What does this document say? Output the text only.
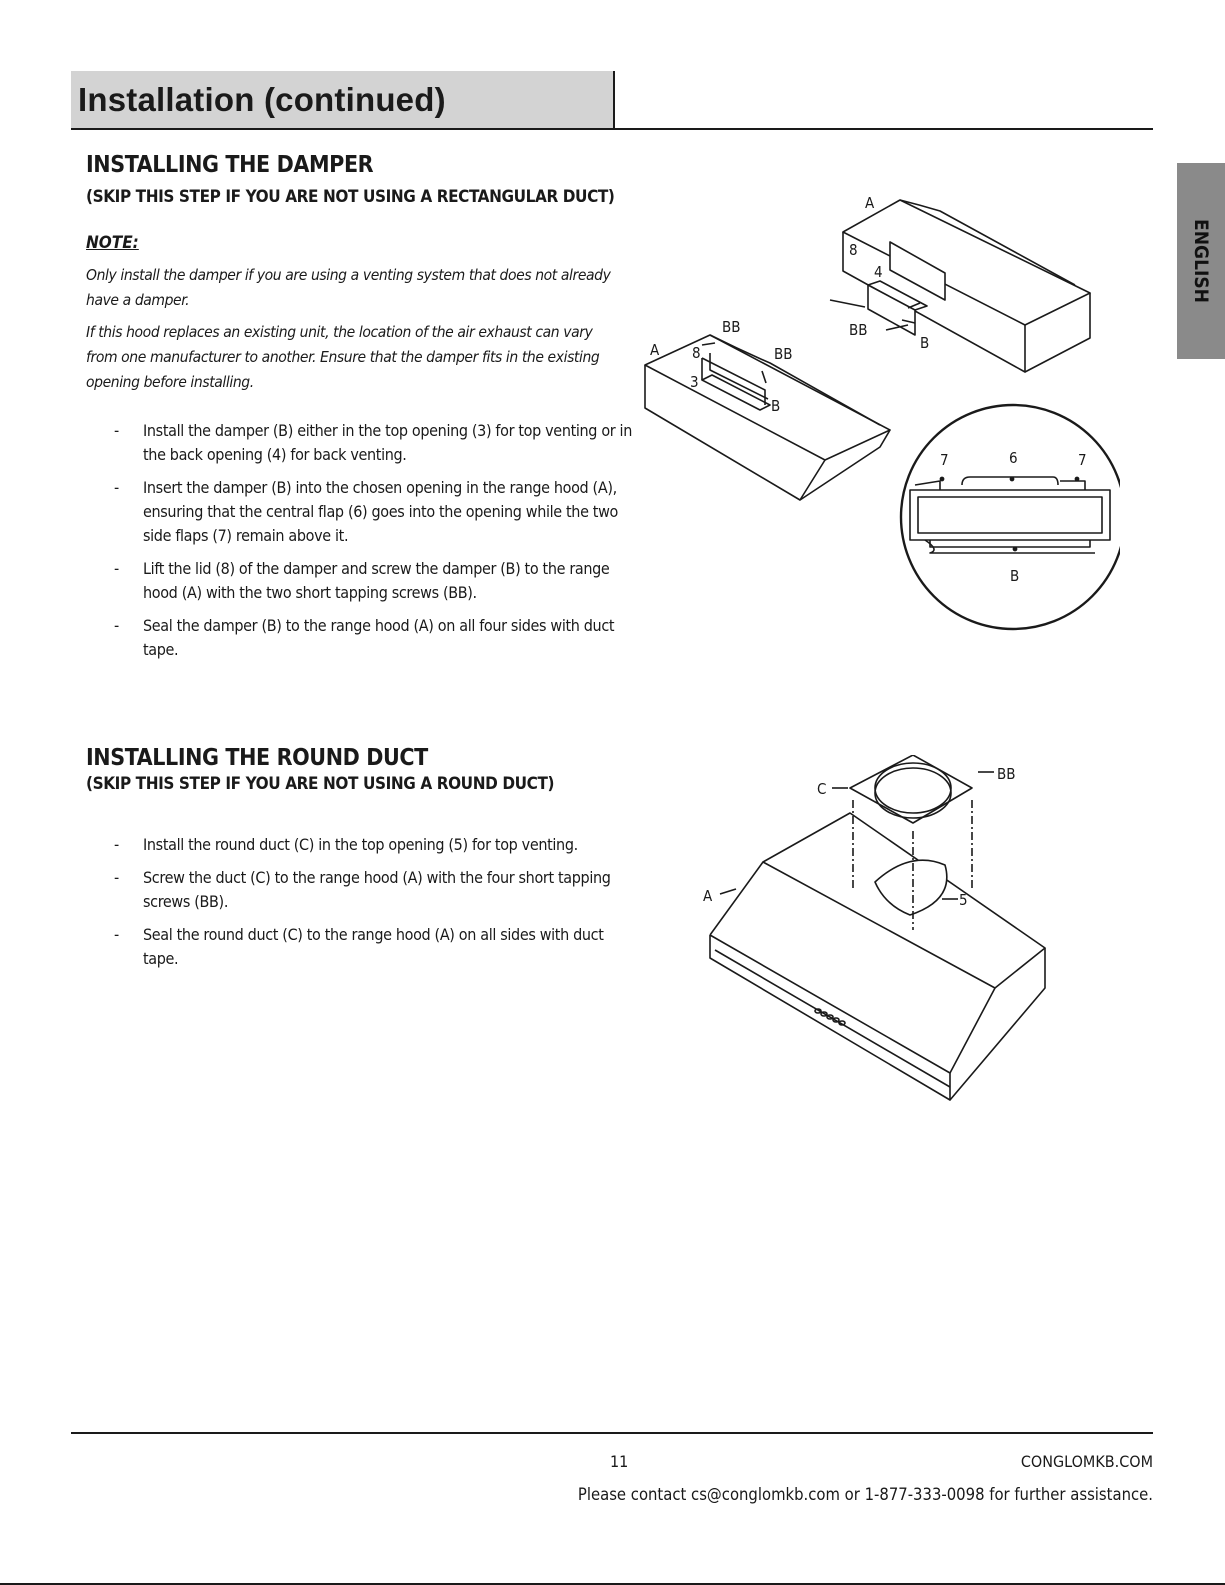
Installation (continued)
ENGLISH
INSTALLING THE DAMPER
(SKIP THIS STEP IF YOU ARE NOT USING A RECTANGULAR DUCT)
NOTE:

Only install the damper if you are using a venting system that does not already have a damper.

If this hood replaces an existing unit, the location of the air exhaust can vary from one manufacturer to another. Ensure that the damper fits in the existing opening before installing.

- Install the damper (B) either in the top opening (3) for top venting or in the back opening (4) for back venting.
- Insert the damper (B) into the chosen opening in the range hood (A), ensuring that the central flap (6) goes into the opening while the two side flaps (7) remain above it.
- Lift the lid (8) of the damper and screw the damper (B) to the range hood (A) with the two short tapping screws (BB).
- Seal the damper (B) to the range hood (A) on all four sides with duct tape.
A
8
4
BB
B
A
BB
8	BB
3
B
7	6	7
B
INSTALLING THE ROUND DUCT
(SKIP THIS STEP IF YOU ARE NOT USING A ROUND DUCT)
- Install the round duct (C) in the top opening (5) for top venting.
- Screw the duct (C) to the range hood (A) with the four short tapping screws (BB).
- Seal the round duct (C) to the range hood (A) on all sides with duct tape.
C
BB
A	5
11	CONGLOMKB.COM
Please contact cs@conglomkb.com or 1-877-333-0098 for further assistance.
